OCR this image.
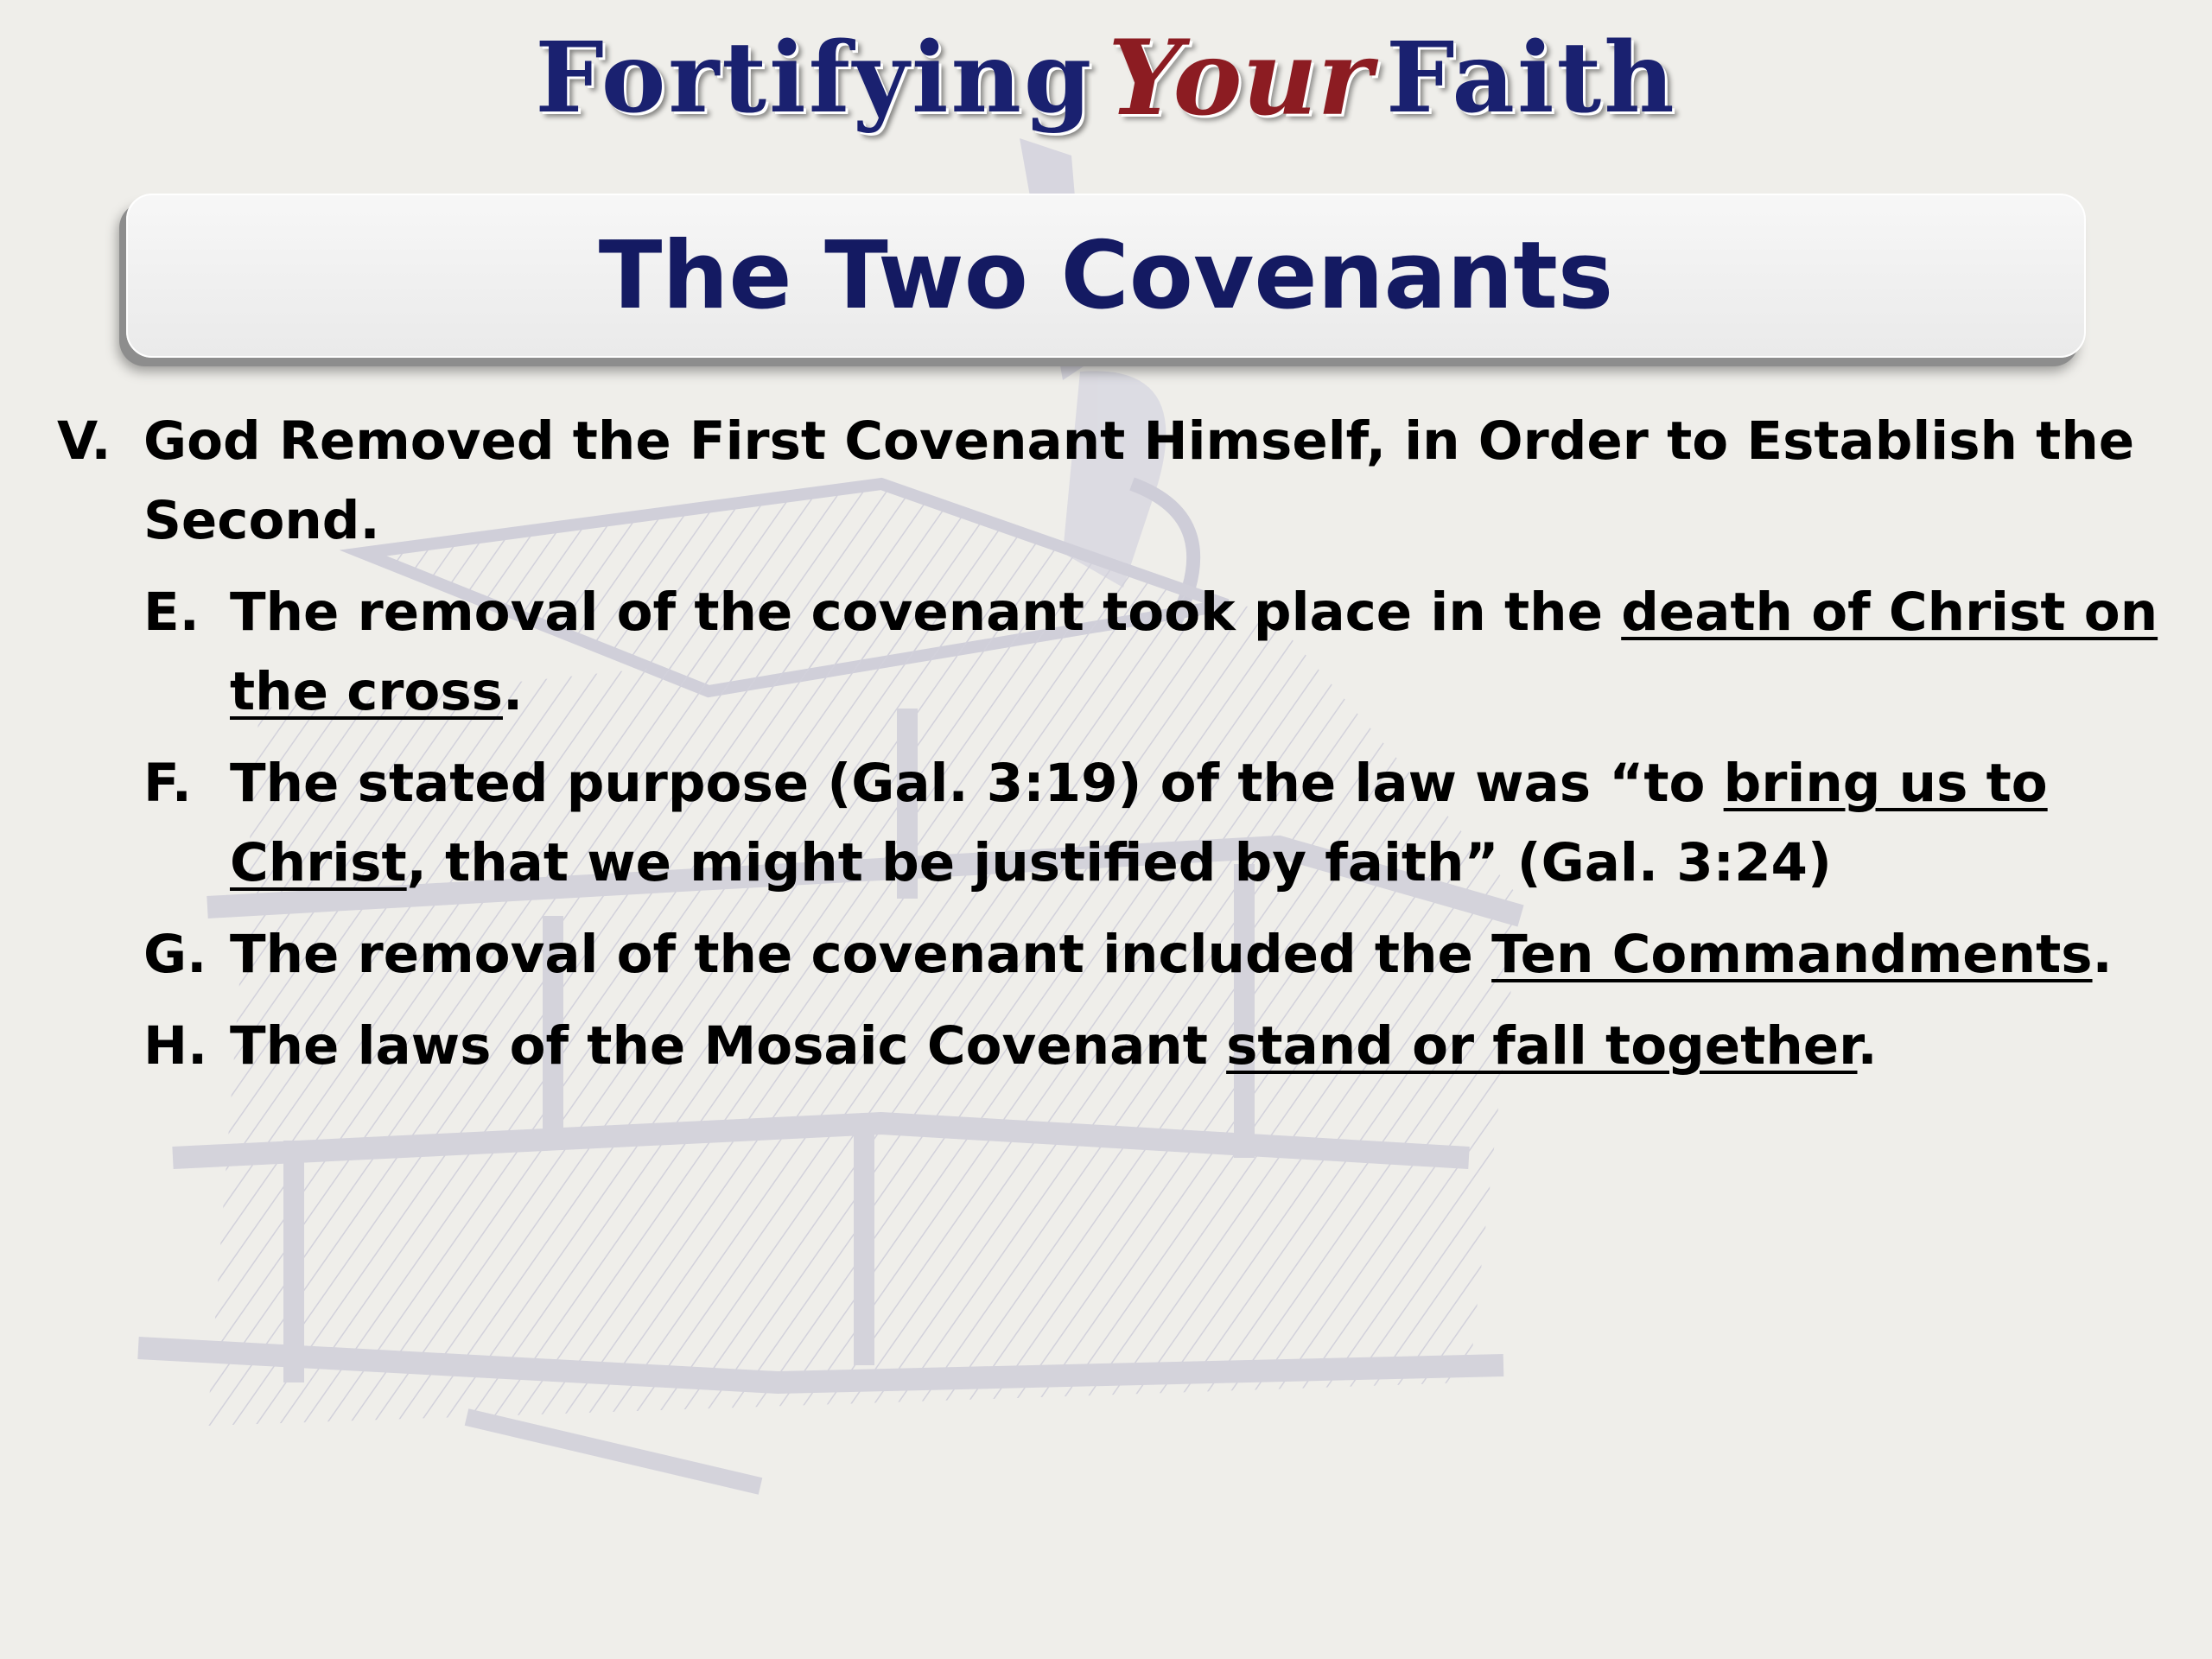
Fortifying Your Faith
The Two Covenants
V. God Removed the First Covenant Himself, in Order to Establish the Second.
E. The removal of the covenant took place in the death of Christ on the cross.
F. The stated purpose (Gal. 3:19) of the law was “to bring us to Christ, that we might be justified by faith” (Gal. 3:24)
G. The removal of the covenant included the Ten Commandments.
H. The laws of the Mosaic Covenant stand or fall together.
